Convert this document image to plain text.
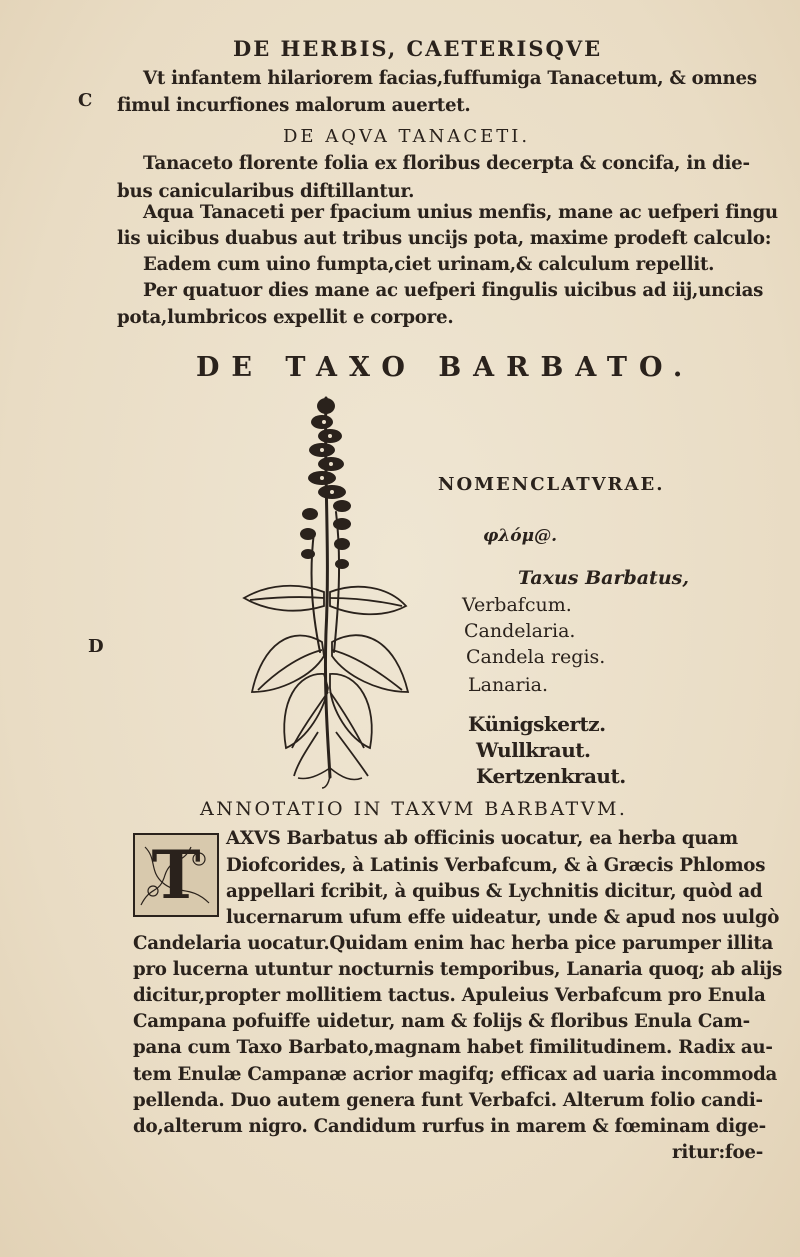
DE HERBIS, CAETERISQVE
C
D
Vt infantem hilariorem facias,fuffumiga Tanacetum, & omnes
fimul incurfiones malorum auertet.
DE AQVA TANACETI.
Tanaceto florente folia ex floribus decerpta & concifa, in die-
bus canicularibus diftillantur.
Aqua Tanaceti per fpacium unius menfis, mane ac uefperi fingu
lis uicibus duabus aut tribus uncijs pota, maxime prodeft calculo:
Eadem cum uino fumpta,ciet urinam,& calculum repellit.
Per quatuor dies mane ac uefperi fingulis uicibus ad iij,uncias
pota,lumbricos expellit e corpore.
DE TAXO BARBATO.
NOMENCLATVRAE.
φλόμ@.
Taxus Barbatus,
Verbafcum.
Candelaria.
Candela regis.
Lanaria.
Künigskertz.
Wullkraut.
Kertzenkraut.
ANNOTATIO IN TAXVM BARBATVM.
T	AXVS Barbatus ab officinis uocatur, ea herba quam
Diofcorides, à Latinis Verbafcum, & à Græcis Phlomos
appellari fcribit, à quibus & Lychnitis dicitur, quòd ad
lucernarum ufum effe uideatur, unde & apud nos uulgò
Candelaria uocatur.Quidam enim hac herba pice parumper illita
pro lucerna utuntur nocturnis temporibus, Lanaria quoq; ab alijs
dicitur,propter mollitiem tactus. Apuleius Verbafcum pro Enula
Campana pofuiffe uidetur, nam & folijs & floribus Enula Cam-
pana cum Taxo Barbato,magnam habet fimilitudinem. Radix au-
tem Enulæ Campanæ acrior magifq; efficax ad uaria incommoda
pellenda. Duo autem genera funt Verbafci. Alterum folio candi-
do,alterum nigro. Candidum rurfus in marem & fœminam dige-
ritur:foe-
